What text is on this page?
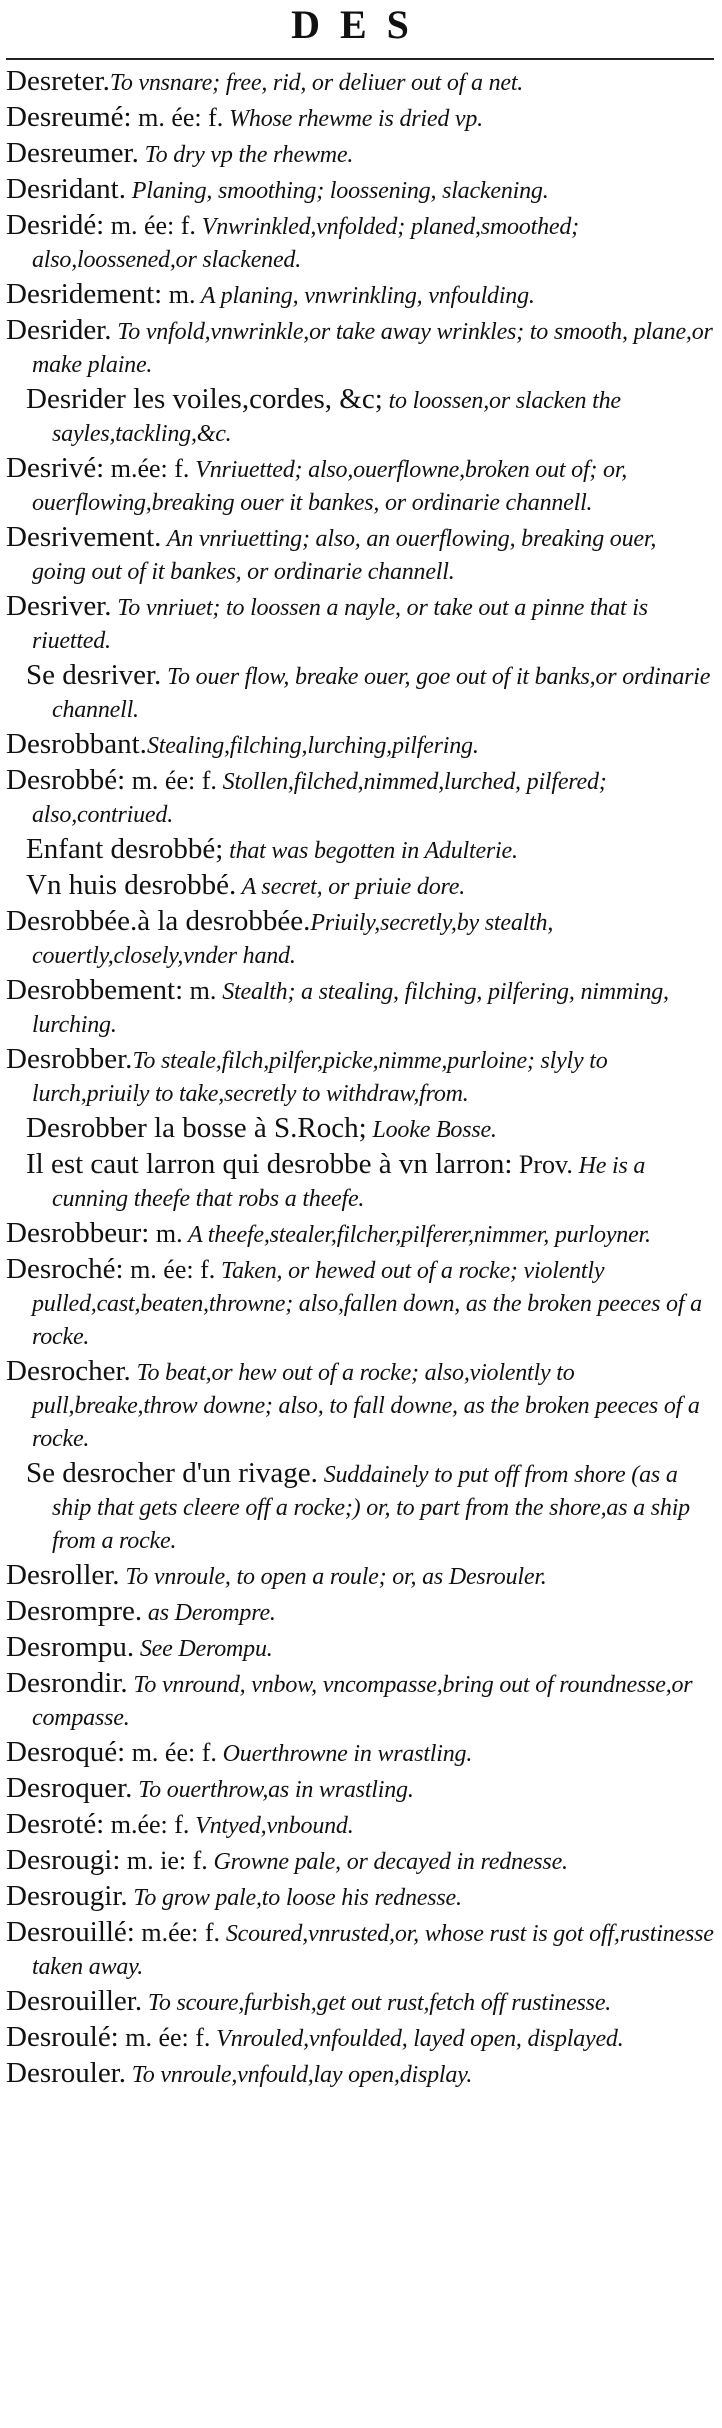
DES

Desreter.To vnsnare; free, rid, or deliuer out of a net.

Desreumé: m. ée: f. Whose rhewme is dried vp.

Desreumer. To dry vp the rhewme.

Desridant. Planing, smoothing; loossening, slackening.

Desridé: m. ée: f. Vnwrinkled,vnfolded; planed,smoothed; also,loossened,or slackened.

Desridement: m. A planing, vnwrinkling, vnfoulding.

Desrider. To vnfold,vnwrinkle,or take away wrinkles; to smooth, plane,or make plaine.

Desrider les voiles,cordes, &c; to loossen,or slacken the sayles,tackling,&c.

Desrivé: m.ée: f. Vnriuetted; also,ouerflowne,broken out of; or, ouerflowing,breaking ouer it bankes, or ordinarie channell.

Desrivement. An vnriuetting; also, an ouerflowing, breaking ouer, going out of it bankes, or ordinarie channell.

Desriver. To vnriuet; to loossen a nayle, or take out a pinne that is riuetted.

Se desriver. To ouer flow, breake ouer, goe out of it banks,or ordinarie channell.

Desrobbant.Stealing,filching,lurching,pilfering.

Desrobbé: m. ée: f. Stollen,filched,nimmed,lurched, pilfered; also,contriued.

Enfant desrobbé; that was begotten in Adulterie.

Vn huis desrobbé. A secret, or priuie dore.

Desrobbée.à la desrobbée.Priuily,secretly,by stealth, couertly,closely,vnder hand.

Desrobbement: m. Stealth; a stealing, filching, pilfering, nimming, lurching.

Desrobber.To steale,filch,pilfer,picke,nimme,purloine; slyly to lurch,priuily to take,secretly to withdraw,from.

Desrobber la bosse à S.Roch; Looke Bosse.

Il est caut larron qui desrobbe à vn larron: Prov. He is a cunning theefe that robs a theefe.

Desrobbeur: m. A theefe,stealer,filcher,pilferer,nimmer, purloyner.

Desroché: m. ée: f. Taken, or hewed out of a rocke; violently pulled,cast,beaten,throwne; also,fallen down, as the broken peeces of a rocke.

Desrocher. To beat,or hew out of a rocke; also,violently to pull,breake,throw downe; also, to fall downe, as the broken peeces of a rocke.

Se desrocher d'un rivage. Suddainely to put off from shore (as a ship that gets cleere off a rocke;) or, to part from the shore,as a ship from a rocke.

Desroller. To vnroule, to open a roule; or, as Desrouler.

Desrompre. as Derompre.

Desrompu. See Derompu.

Desrondir. To vnround, vnbow, vncompasse,bring out of roundnesse,or compasse.

Desroqué: m. ée: f. Ouerthrowne in wrastling.

Desroquer. To ouerthrow,as in wrastling.

Desroté: m.ée: f. Vntyed,vnbound.

Desrougi: m. ie: f. Growne pale, or decayed in rednesse.

Desrougir. To grow pale,to loose his rednesse.

Desrouillé: m.ée: f. Scoured,vnrusted,or, whose rust is got off,rustinesse taken away.

Desrouiller. To scoure,furbish,get out rust,fetch off rustinesse.

Desroulé: m. ée: f. Vnrouled,vnfoulded, layed open, displayed.

Desrouler. To vnroule,vnfould,lay open,display.
